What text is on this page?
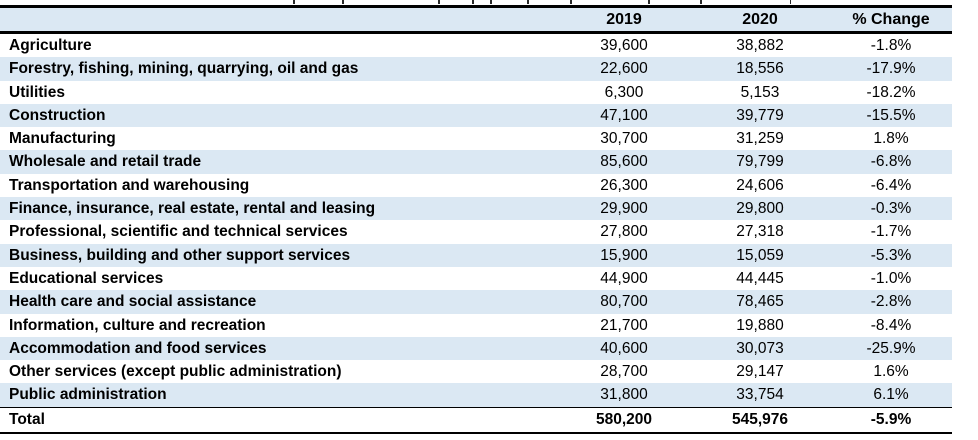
	2019	2020	% Change
Agriculture	39,600	38,882	-1.8%
Forestry, fishing, mining, quarrying, oil and gas	22,600	18,556	-17.9%
Utilities	6,300	5,153	-18.2%
Construction	47,100	39,779	-15.5%
Manufacturing	30,700	31,259	1.8%
Wholesale and retail trade	85,600	79,799	-6.8%
Transportation and warehousing	26,300	24,606	-6.4%
Finance, insurance, real estate, rental and leasing	29,900	29,800	-0.3%
Professional, scientific and technical services	27,800	27,318	-1.7%
Business, building and other support services	15,900	15,059	-5.3%
Educational services	44,900	44,445	-1.0%
Health care and social assistance	80,700	78,465	-2.8%
Information, culture and recreation	21,700	19,880	-8.4%
Accommodation and food services	40,600	30,073	-25.9%
Other services (except public administration)	28,700	29,147	1.6%
Public administration	31,800	33,754	6.1%
Total	580,200	545,976	-5.9%
